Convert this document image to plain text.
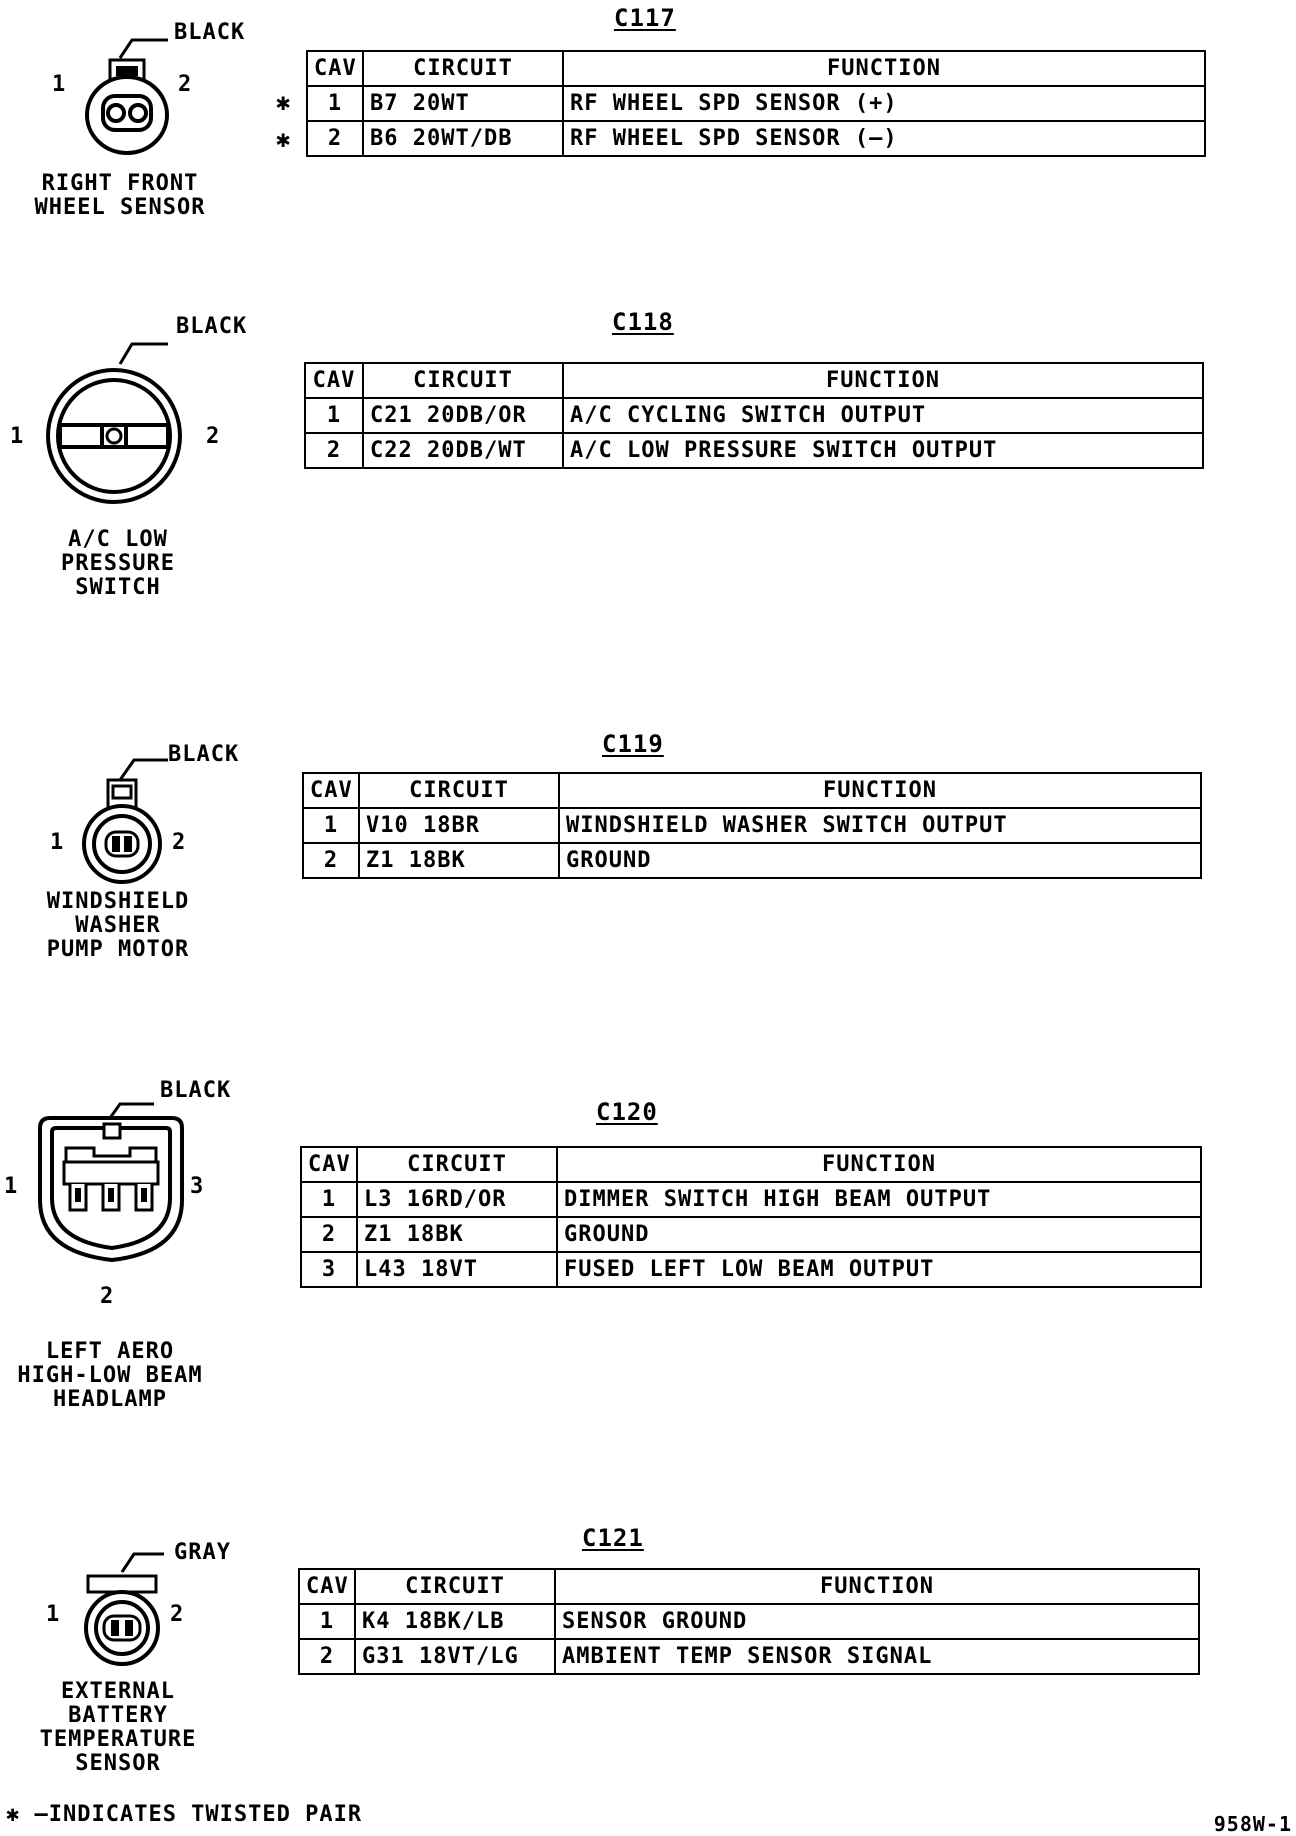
C117
BLACK
1	2
RIGHT FRONT
WHEEL SENSOR
✱
✱
CAV	CIRCUIT	FUNCTION
1	B7 20WT	RF WHEEL SPD SENSOR (+)
2	B6 20WT/DB	RF WHEEL SPD SENSOR (—)
C118
BLACK
1	2
A/C LOW
PRESSURE
SWITCH
CAV	CIRCUIT	FUNCTION
1	C21 20DB/OR	A/C CYCLING SWITCH OUTPUT
2	C22 20DB/WT	A/C LOW PRESSURE SWITCH OUTPUT
C119
BLACK
1	2
WINDSHIELD
WASHER
PUMP MOTOR
CAV	CIRCUIT	FUNCTION
1	V10 18BR	WINDSHIELD WASHER SWITCH OUTPUT
2	Z1 18BK	GROUND
C120
BLACK
1	3
2
LEFT AERO
HIGH-LOW BEAM
HEADLAMP
CAV	CIRCUIT	FUNCTION
1	L3 16RD/OR	DIMMER SWITCH HIGH BEAM OUTPUT
2	Z1 18BK	GROUND
3	L43 18VT	FUSED LEFT LOW BEAM OUTPUT
C121
GRAY
1	2
EXTERNAL
BATTERY
TEMPERATURE
SENSOR
CAV	CIRCUIT	FUNCTION
1	K4 18BK/LB	SENSOR GROUND
2	G31 18VT/LG	AMBIENT TEMP SENSOR SIGNAL
✱ —INDICATES TWISTED PAIR	958W-1
